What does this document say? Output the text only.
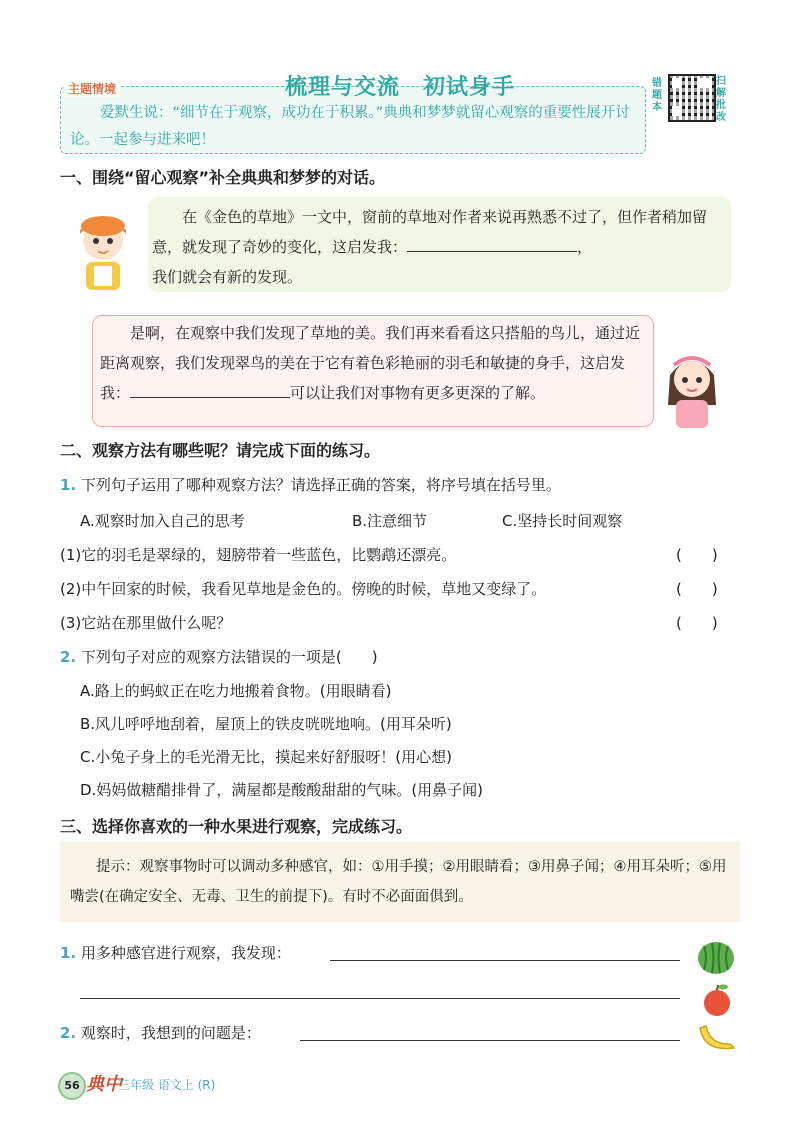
主题情境	梳理与交流　初试身手
爱默生说：“细节在于观察，成功在于积累。”典典和梦梦就留心观察的重要性展开讨论。一起参与进来吧！
错题本
扫解批改
一、围绕“留心观察”补全典典和梦梦的对话。
在《金色的草地》一文中，窗前的草地对作者来说再熟悉不过了，但作者稍加留意，就发现了奇妙的变化，这启发我：	，
我们就会有新的发现。
是啊，在观察中我们发现了草地的美。我们再来看看这只搭船的鸟儿，通过近距离观察，我们发现翠鸟的美在于它有着色彩艳丽的羽毛和敏捷的身手，这启发我：	可以让我们对事物有更多更深的了解。
二、观察方法有哪些呢？请完成下面的练习。
1. 下列句子运用了哪种观察方法？请选择正确的答案，将序号填在括号里。
A.观察时加入自己的思考	B.注意细节	C.坚持长时间观察
(1)它的羽毛是翠绿的，翅膀带着一些蓝色，比鹦鹉还漂亮。	(　　)
(2)中午回家的时候，我看见草地是金色的。傍晚的时候，草地又变绿了。	(　　)
(3)它站在那里做什么呢？	(　　)
2. 下列句子对应的观察方法错误的一项是(　　)
A.路上的蚂蚁正在吃力地搬着食物。(用眼睛看)
B.风儿呼呼地刮着，屋顶上的铁皮咣咣地响。(用耳朵听)
C.小兔子身上的毛光滑无比，摸起来好舒服呀！(用心想)
D.妈妈做糖醋排骨了，满屋都是酸酸甜甜的气味。(用鼻子闻)
三、选择你喜欢的一种水果进行观察，完成练习。
提示：观察事物时可以调动多种感官，如：①用手摸；②用眼睛看；③用鼻子闻；④用耳朵听；⑤用嘴尝(在确定安全、无毒、卫生的前提下)。有时不必面面俱到。
1. 用多种感官进行观察，我发现：
2. 观察时，我想到的问题是：
56 典中
三年级 语文上 (R)
